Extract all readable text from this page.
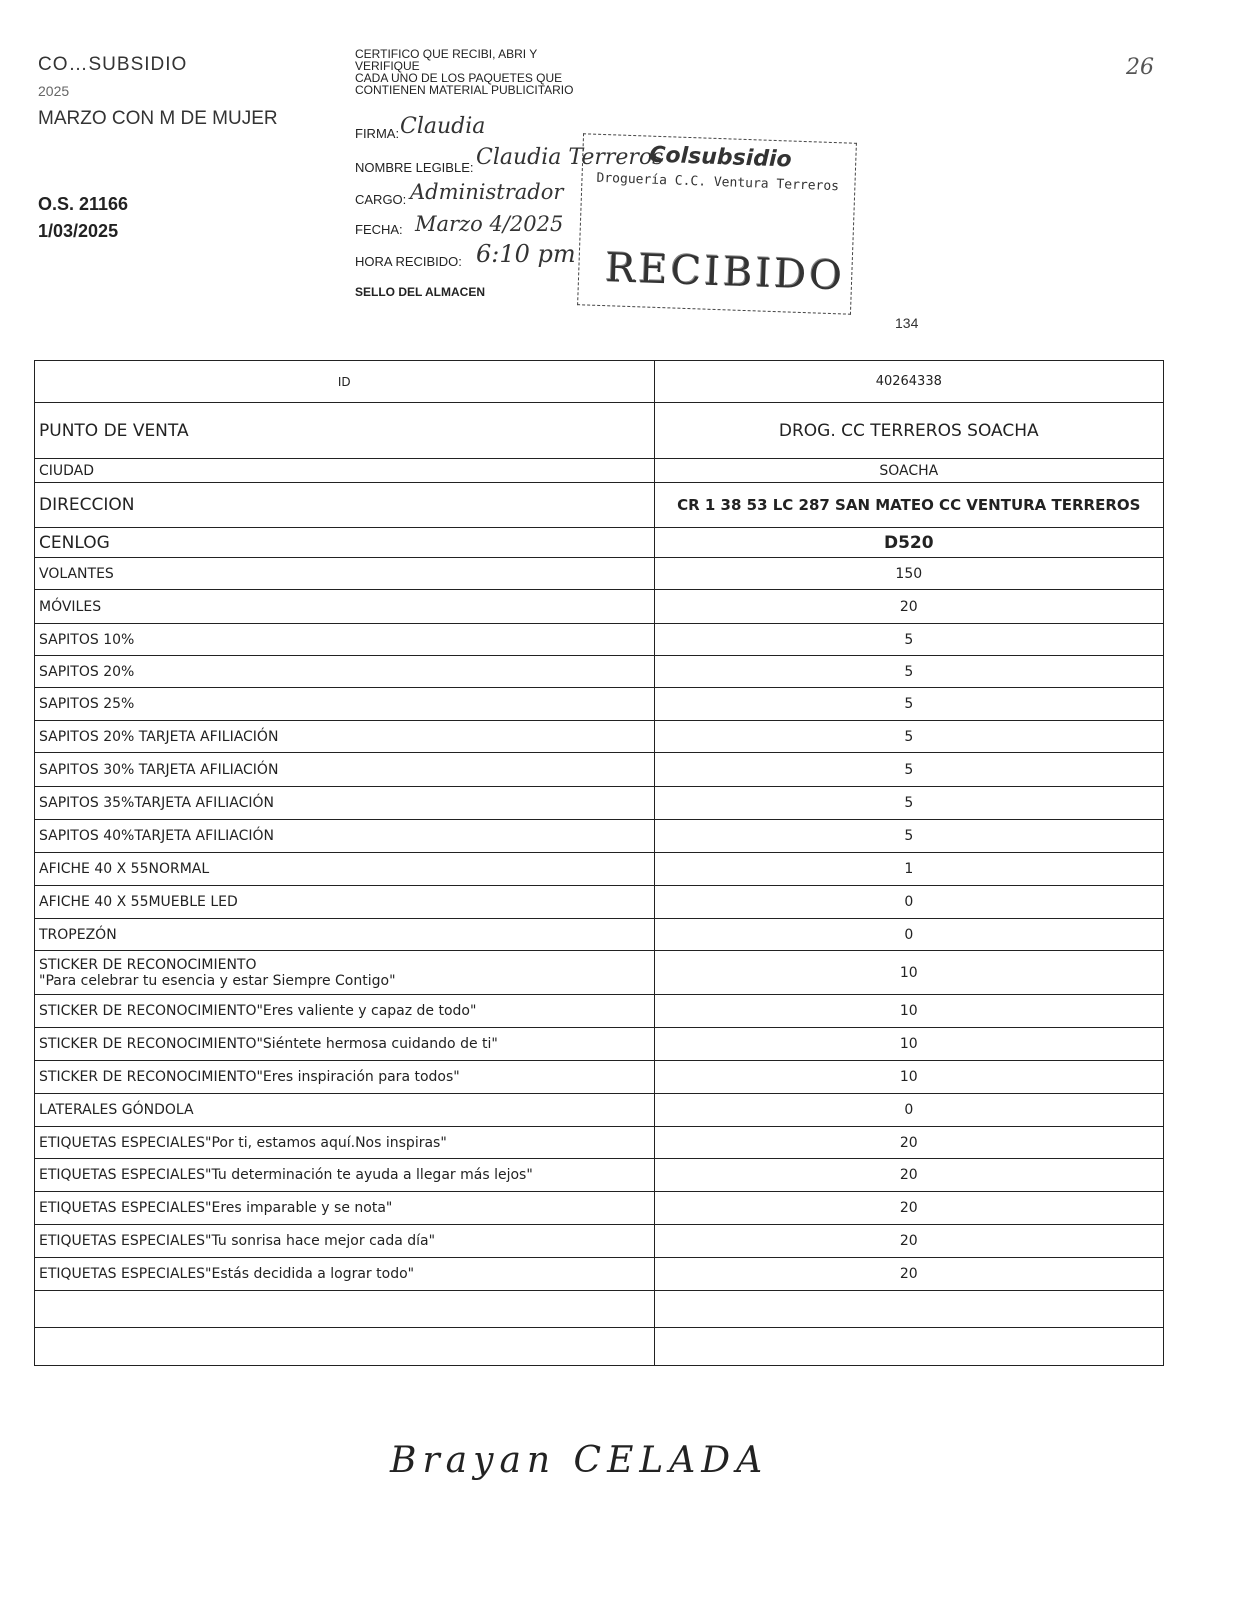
CO…SUBSIDIO
2025
MARZO CON M DE MUJER
O.S. 21166
1/03/2025
26
CERTIFICO QUE RECIBI, ABRI Y
VERIFIQUE
CADA UNO DE LOS PAQUETES QUE
CONTIENEN MATERIAL PUBLICITARIO
FIRMA: Claudia
NOMBRE LEGIBLE: Claudia Terreros
CARGO: Administrador
FECHA: Marzo 4/2025
HORA RECIBIDO: 6:10 pm
SELLO DEL ALMACEN
Colsubsidio
Droguería C.C. Ventura Terreros
RECIBIDO
134
ID	40264338
PUNTO DE VENTA	DROG. CC TERREROS SOACHA
CIUDAD	SOACHA
DIRECCION	CR 1 38 53 LC 287 SAN MATEO CC VENTURA TERREROS
CENLOG	D520
VOLANTES	150
MÓVILES	20
SAPITOS 10%	5
SAPITOS 20%	5
SAPITOS 25%	5
SAPITOS 20% TARJETA AFILIACIÓN	5
SAPITOS 30% TARJETA AFILIACIÓN	5
SAPITOS 35%TARJETA AFILIACIÓN	5
SAPITOS 40%TARJETA AFILIACIÓN	5
AFICHE 40 X 55NORMAL	1
AFICHE 40 X 55MUEBLE LED	0
TROPEZÓN	0
STICKER DE RECONOCIMIENTO
"Para celebrar tu esencia y estar Siempre Contigo"	10
STICKER DE RECONOCIMIENTO"Eres valiente y capaz de todo"	10
STICKER DE RECONOCIMIENTO"Siéntete hermosa cuidando de ti"	10
STICKER DE RECONOCIMIENTO"Eres inspiración para todos"	10
LATERALES GÓNDOLA	0
ETIQUETAS ESPECIALES"Por ti, estamos aquí.Nos inspiras"	20
ETIQUETAS ESPECIALES"Tu determinación te ayuda a llegar más lejos"	20
ETIQUETAS ESPECIALES"Eres imparable y se nota"	20
ETIQUETAS ESPECIALES"Tu sonrisa hace mejor cada día"	20
ETIQUETAS ESPECIALES"Estás decidida a lograr todo"	20

Brayan CELADA
